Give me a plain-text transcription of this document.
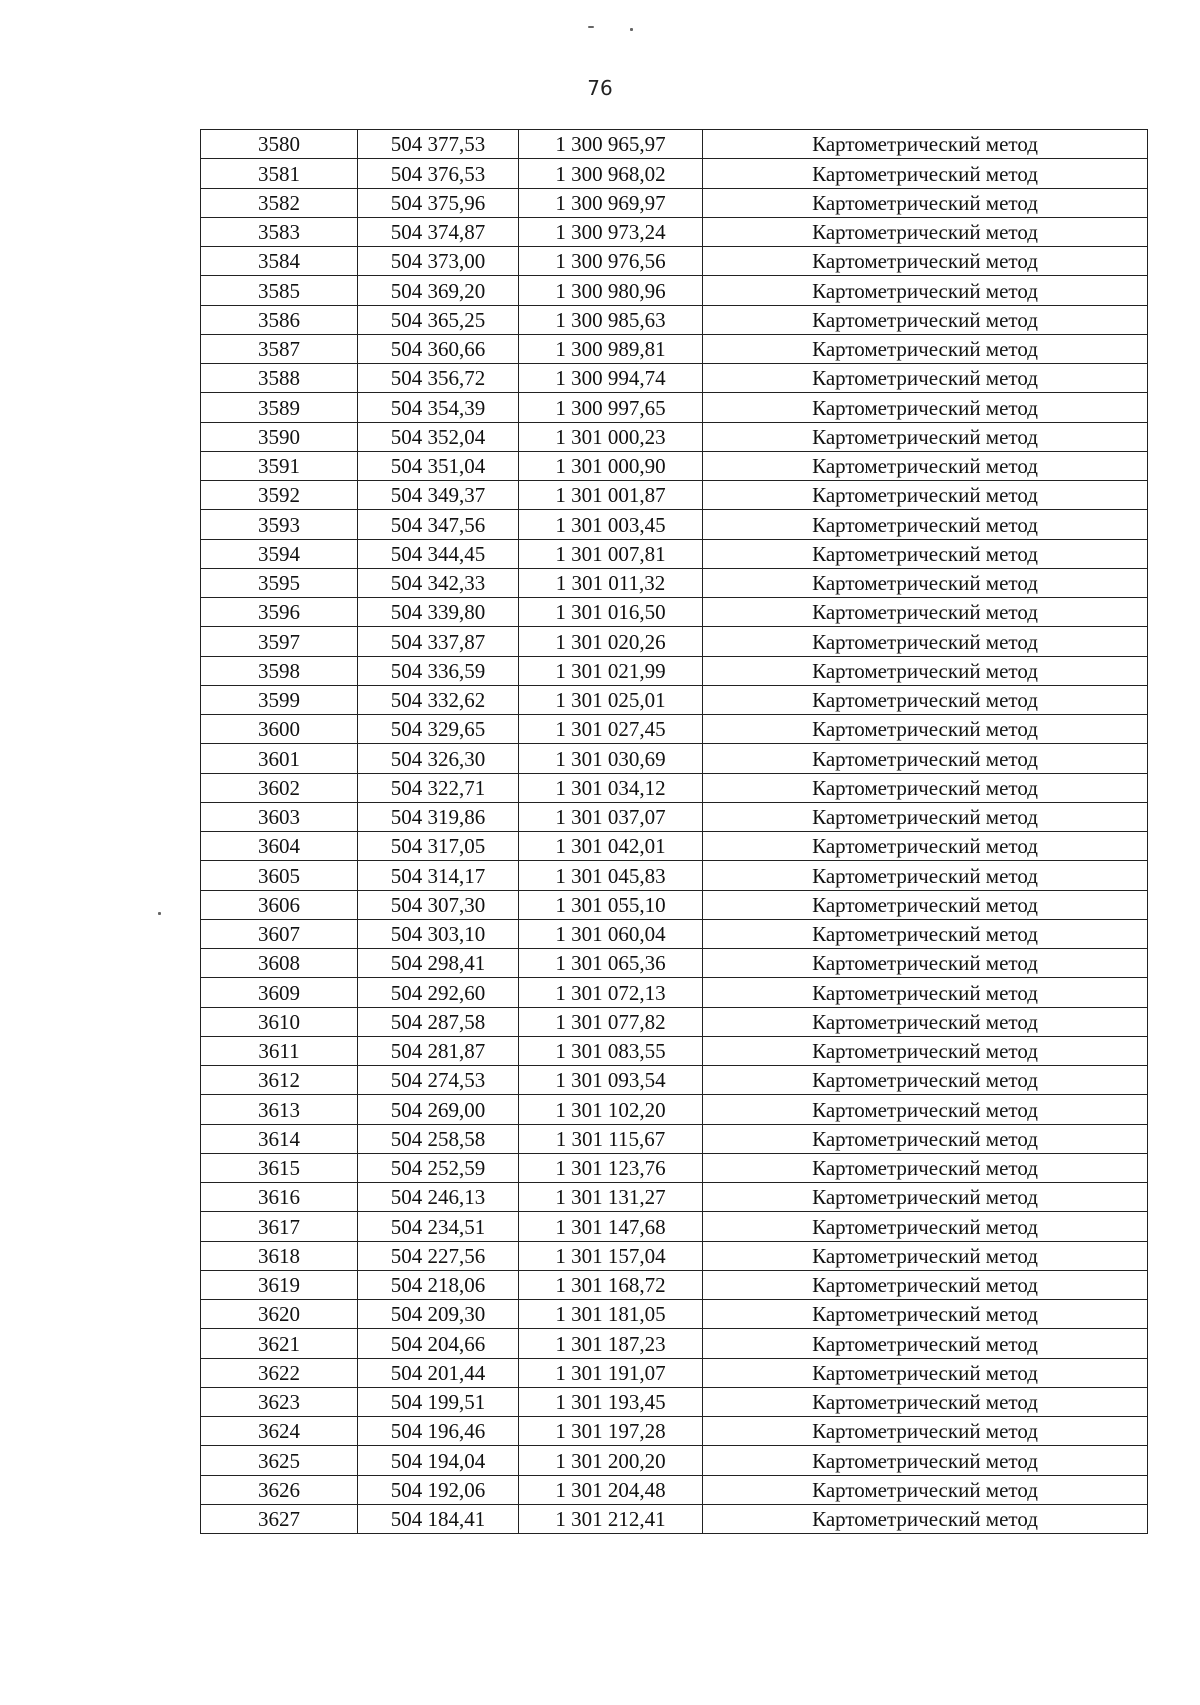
76
3580	504 377,53	1 300 965,97	Картометрический метод
3581	504 376,53	1 300 968,02	Картометрический метод
3582	504 375,96	1 300 969,97	Картометрический метод
3583	504 374,87	1 300 973,24	Картометрический метод
3584	504 373,00	1 300 976,56	Картометрический метод
3585	504 369,20	1 300 980,96	Картометрический метод
3586	504 365,25	1 300 985,63	Картометрический метод
3587	504 360,66	1 300 989,81	Картометрический метод
3588	504 356,72	1 300 994,74	Картометрический метод
3589	504 354,39	1 300 997,65	Картометрический метод
3590	504 352,04	1 301 000,23	Картометрический метод
3591	504 351,04	1 301 000,90	Картометрический метод
3592	504 349,37	1 301 001,87	Картометрический метод
3593	504 347,56	1 301 003,45	Картометрический метод
3594	504 344,45	1 301 007,81	Картометрический метод
3595	504 342,33	1 301 011,32	Картометрический метод
3596	504 339,80	1 301 016,50	Картометрический метод
3597	504 337,87	1 301 020,26	Картометрический метод
3598	504 336,59	1 301 021,99	Картометрический метод
3599	504 332,62	1 301 025,01	Картометрический метод
3600	504 329,65	1 301 027,45	Картометрический метод
3601	504 326,30	1 301 030,69	Картометрический метод
3602	504 322,71	1 301 034,12	Картометрический метод
3603	504 319,86	1 301 037,07	Картометрический метод
3604	504 317,05	1 301 042,01	Картометрический метод
3605	504 314,17	1 301 045,83	Картометрический метод
3606	504 307,30	1 301 055,10	Картометрический метод
3607	504 303,10	1 301 060,04	Картометрический метод
3608	504 298,41	1 301 065,36	Картометрический метод
3609	504 292,60	1 301 072,13	Картометрический метод
3610	504 287,58	1 301 077,82	Картометрический метод
3611	504 281,87	1 301 083,55	Картометрический метод
3612	504 274,53	1 301 093,54	Картометрический метод
3613	504 269,00	1 301 102,20	Картометрический метод
3614	504 258,58	1 301 115,67	Картометрический метод
3615	504 252,59	1 301 123,76	Картометрический метод
3616	504 246,13	1 301 131,27	Картометрический метод
3617	504 234,51	1 301 147,68	Картометрический метод
3618	504 227,56	1 301 157,04	Картометрический метод
3619	504 218,06	1 301 168,72	Картометрический метод
3620	504 209,30	1 301 181,05	Картометрический метод
3621	504 204,66	1 301 187,23	Картометрический метод
3622	504 201,44	1 301 191,07	Картометрический метод
3623	504 199,51	1 301 193,45	Картометрический метод
3624	504 196,46	1 301 197,28	Картометрический метод
3625	504 194,04	1 301 200,20	Картометрический метод
3626	504 192,06	1 301 204,48	Картометрический метод
3627	504 184,41	1 301 212,41	Картометрический метод
